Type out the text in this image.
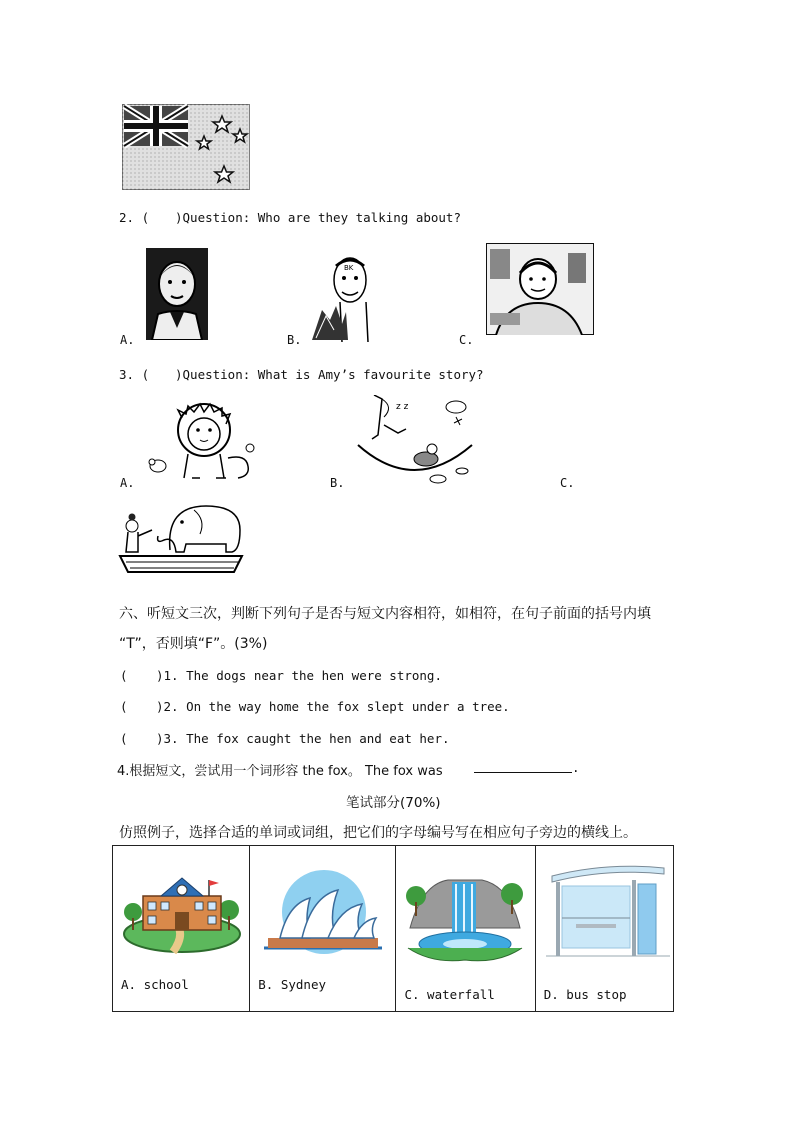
2. ( )Question: Who are they talking about?
A.
BK
B.	C.
3. ( )Question: What is Amy’s favourite story?
A.
z z
B.	C.
六、听短文三次，判断下列句子是否与短文内容相符，如相符，在句子前面的括号内填
“T”，否则填“F”。(3%)
( )1. The dogs near the hen were strong.
( )2. On the way home the fox slept under a tree.
( )3. The fox caught the hen and eat her.
4.根据短文，尝试用一个词形容 the fox。 The fox was	.
笔试部分(70%)
仿照例子，选择合适的单词或词组，把它们的字母编号写在相应句子旁边的横线上。
A. school	B. Sydney

C. waterfall	D. bus stop
